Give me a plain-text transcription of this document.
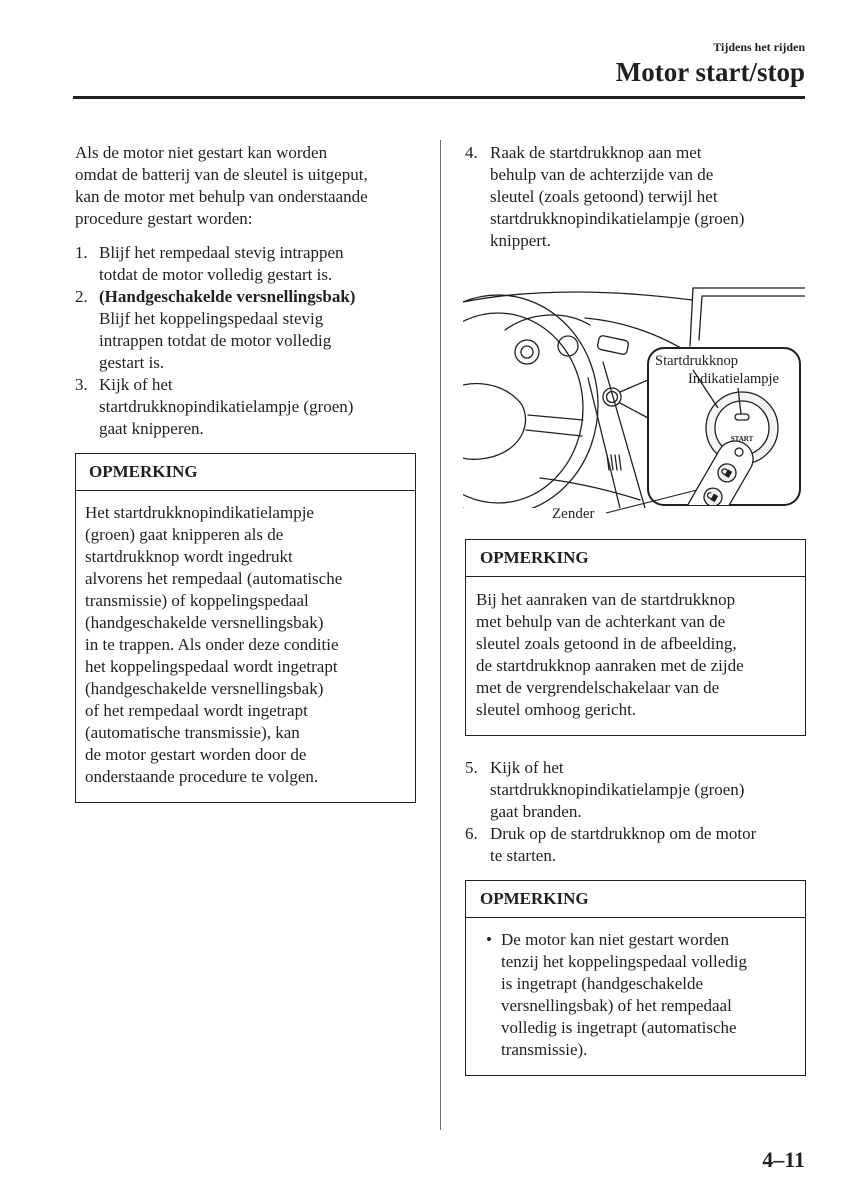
Tijdens het rijden
Motor start/stop
Als de motor niet gestart kan worden
omdat de batterij van de sleutel is uitgeput,
kan de motor met behulp van onderstaande
procedure gestart worden:
1. Blijf het rempedaal stevig intrappen
totdat de motor volledig gestart is.
2. (Handgeschakelde versnellingsbak)
Blijf het koppelingspedaal stevig
intrappen totdat de motor volledig
gestart is.
3. Kijk of het
startdrukknopindikatielampje (groen)
gaat knipperen.
OPMERKING
Het startdrukknopindikatielampje
(groen) gaat knipperen als de
startdrukknop wordt ingedrukt
alvorens het rempedaal (automatische
transmissie) of koppelingspedaal
(handgeschakelde versnellingsbak)
in te trappen. Als onder deze conditie
het koppelingspedaal wordt ingetrapt
(handgeschakelde versnellingsbak)
of het rempedaal wordt ingetrapt
(automatische transmissie), kan
de motor gestart worden door de
onderstaande procedure te volgen.
4. Raak de startdrukknop aan met
behulp van de achterzijde van de
sleutel (zoals getoond) terwijl het
startdrukknopindikatielampje (groen)
knippert.
START
Startdrukknop
Indikatielampje
Zender
OPMERKING
Bij het aanraken van de startdrukknop
met behulp van de achterkant van de
sleutel zoals getoond in de afbeelding,
de startdrukknop aanraken met de zijde
met de vergrendelschakelaar van de
sleutel omhoog gericht.
5. Kijk of het
startdrukknopindikatielampje (groen)
gaat branden.
6. Druk op de startdrukknop om de motor
te starten.
OPMERKING
• De motor kan niet gestart worden
tenzij het koppelingspedaal volledig
is ingetrapt (handgeschakelde
versnellingsbak) of het rempedaal
volledig is ingetrapt (automatische
transmissie).
4–11
